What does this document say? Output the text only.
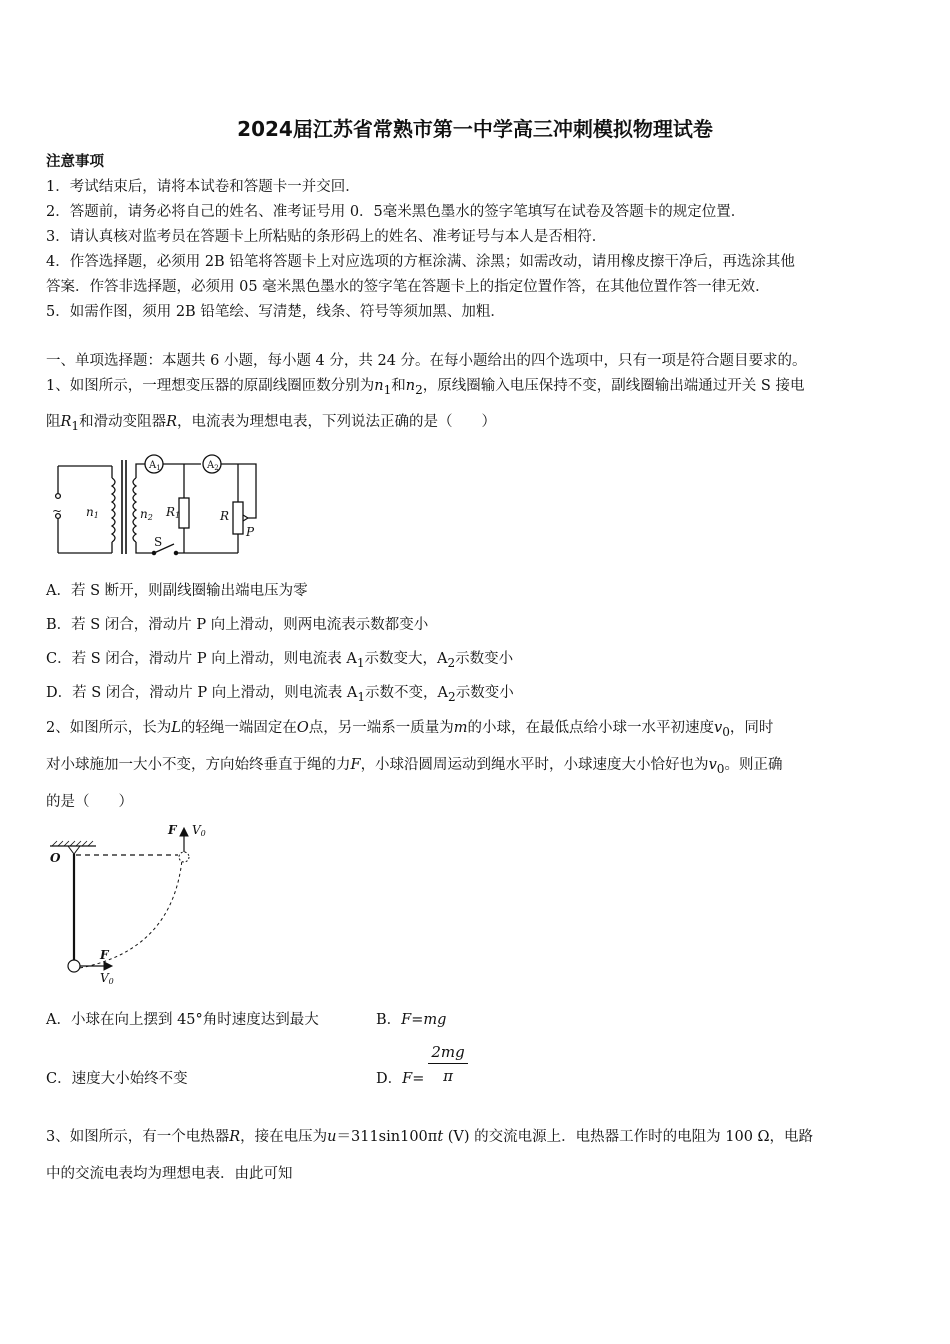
2024届江苏省常熟市第一中学高三冲刺模拟物理试卷
注意事项
1．考试结束后，请将本试卷和答题卡一并交回．
2．答题前，请务必将自己的姓名、准考证号用 0．5毫米黑色墨水的签字笔填写在试卷及答题卡的规定位置．
3．请认真核对监考员在答题卡上所粘贴的条形码上的姓名、准考证号与本人是否相符．
4．作答选择题，必须用 2B 铅笔将答题卡上对应选项的方框涂满、涂黑；如需改动，请用橡皮擦干净后，再选涂其他
答案．作答非选择题，必须用 05 毫米黑色墨水的签字笔在答题卡上的指定位置作答，在其他位置作答一律无效．
5．如需作图，须用 2B 铅笔绘、写清楚，线条、符号等须加黑、加粗．
一、单项选择题：本题共 6 小题，每小题 4 分，共 24 分。在每小题给出的四个选项中，只有一项是符合题目要求的。
1、如图所示，一理想变压器的原副线圈匝数分别为$n_1$和$n_2$，原线圈输入电压保持不变，副线圈输出端通过开关 S 接电
阻$R_1$和滑动变阻器R，电流表为理想电表，下列说法正确的是（　　）
~ n1	n2
$A_1$	$A_2$
R1	R
P
S
A．若 S 断开，则副线圈输出端电压为零
B．若 S 闭合，滑动片 P 向上滑动，则两电流表示数都变小
C．若 S 闭合，滑动片 P 向上滑动，则电流表 $A_1$示数变大，$A_2$示数变小
D．若 S 闭合，滑动片 P 向上滑动，则电流表 $A_1$示数不变，$A_2$示数变小
2、如图所示，长为L的轻绳一端固定在O点，另一端系一质量为m的小球，在最低点给小球一水平初速度$v_0$，同时
对小球施加一大小不变，方向始终垂直于绳的力F，小球沿圆周运动到绳水平时，小球速度大小恰好也为$v_0$。则正确
的是（　　）
O
F V0
F
V0
A．小球在向上摆到 45°角时速度达到最大	B．F=mg
C．速度大小始终不变	D．$F= \frac{2mg}{\pi}$
3、如图所示，有一个电热器R，接在电压为u＝311sin100πt (V) 的交流电源上．电热器工作时的电阻为 100 Ω，电路
中的交流电表均为理想电表．由此可知
